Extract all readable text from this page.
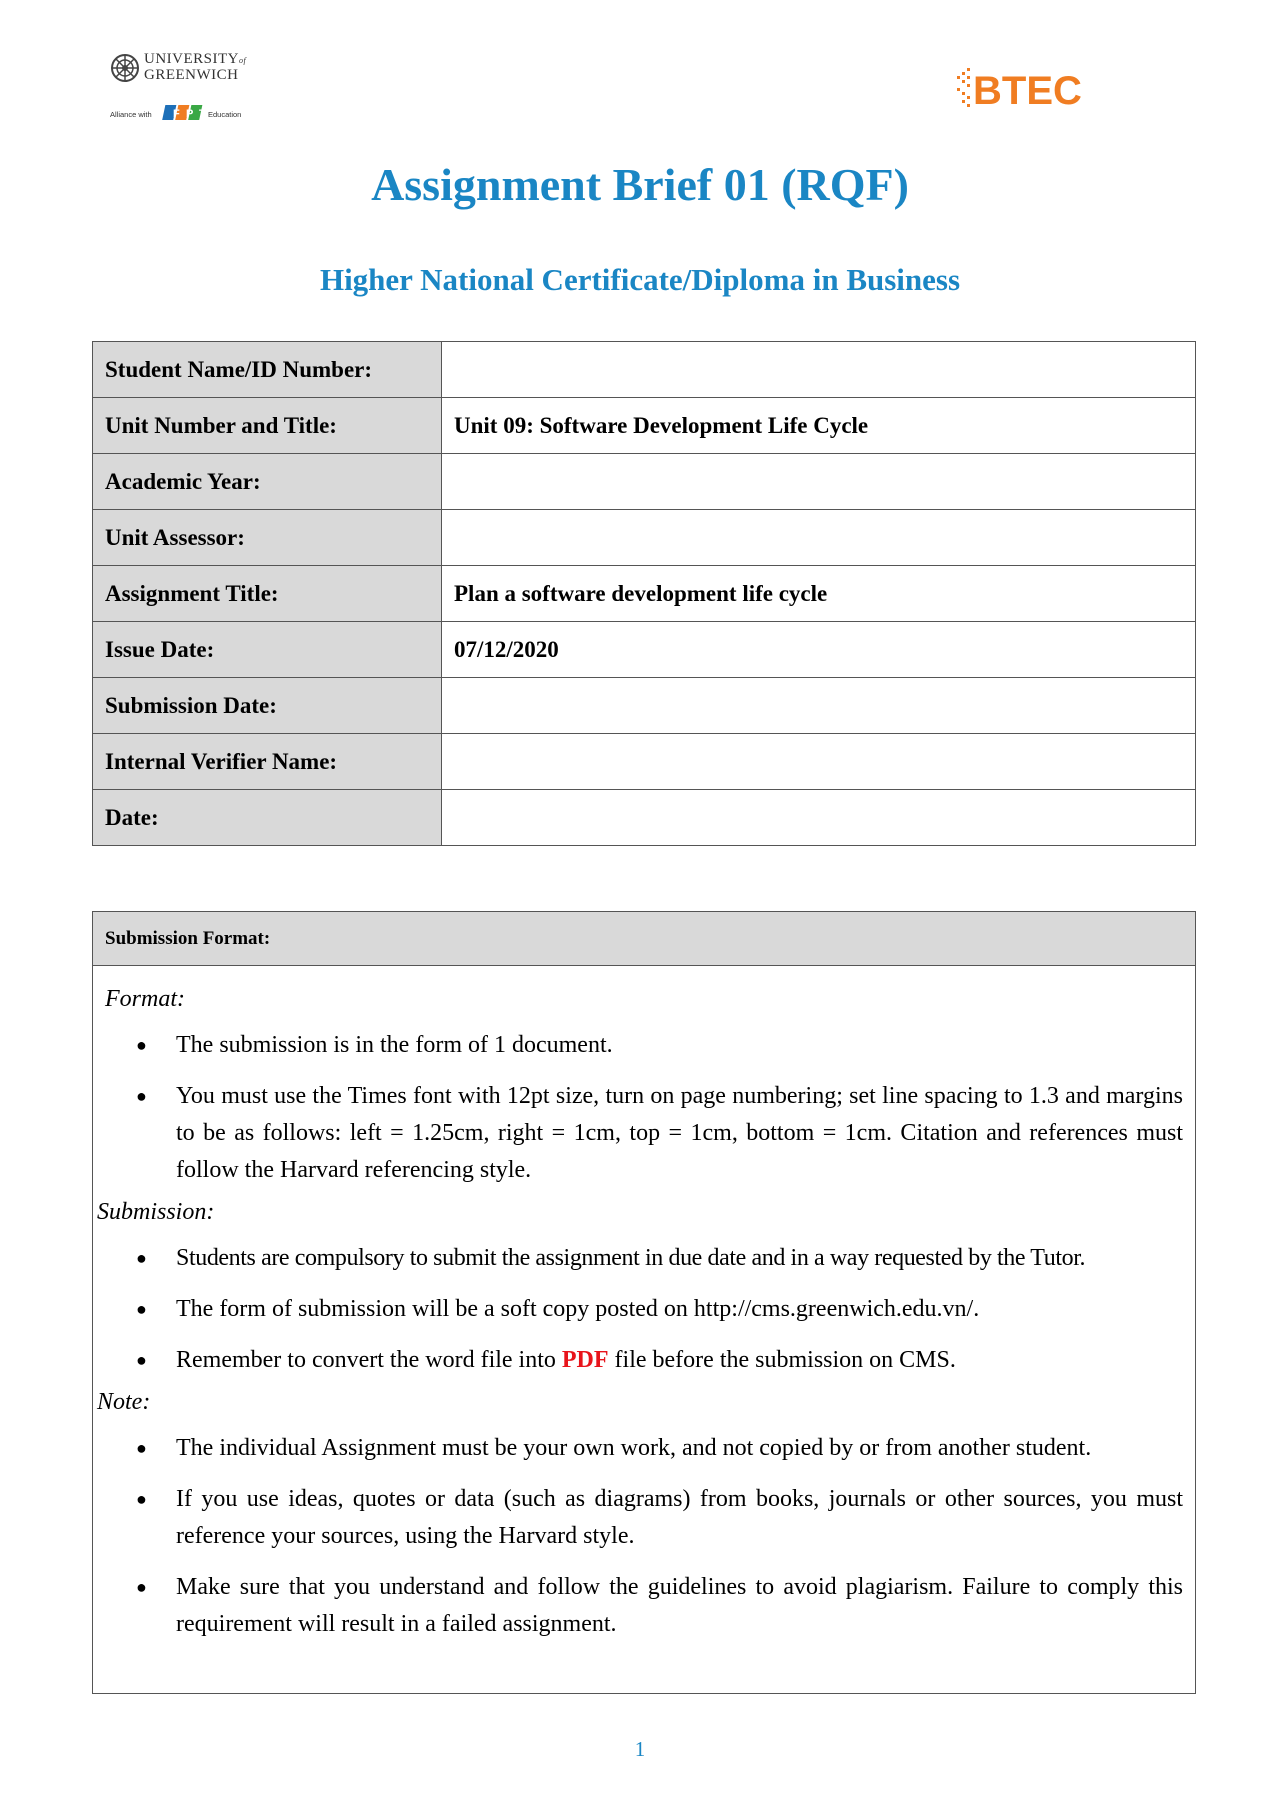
UNIVERSITYof
GREENWICH
Alliance with F P T Education
BTEC
Assignment Brief 01 (RQF)
Higher National Certificate/Diploma in Business
Student Name/ID Number:	
Unit Number and Title:	Unit 09: Software Development Life Cycle
Academic Year:	
Unit Assessor:	
Assignment Title:	Plan a software development life cycle
Issue Date:	07/12/2020
Submission Date:	
Internal Verifier Name:	
Date:	
Submission Format:

Format:

● The submission is in the form of 1 document.
● You must use the Times font with 12pt size, turn on page numbering; set line spacing to 1.3 and margins to be as follows: left = 1.25cm, right = 1cm, top = 1cm, bottom = 1cm. Citation and references must follow the Harvard referencing style.

Submission:

● Students are compulsory to submit the assignment in due date and in a way requested by the Tutor.
● The form of submission will be a soft copy posted on http://cms.greenwich.edu.vn/.
● Remember to convert the word file into PDF file before the submission on CMS.

Note:

● The individual Assignment must be your own work, and not copied by or from another student.
● If you use ideas, quotes or data (such as diagrams) from books, journals or other sources, you must reference your sources, using the Harvard style.
● Make sure that you understand and follow the guidelines to avoid plagiarism. Failure to comply this requirement will result in a failed assignment.
1
